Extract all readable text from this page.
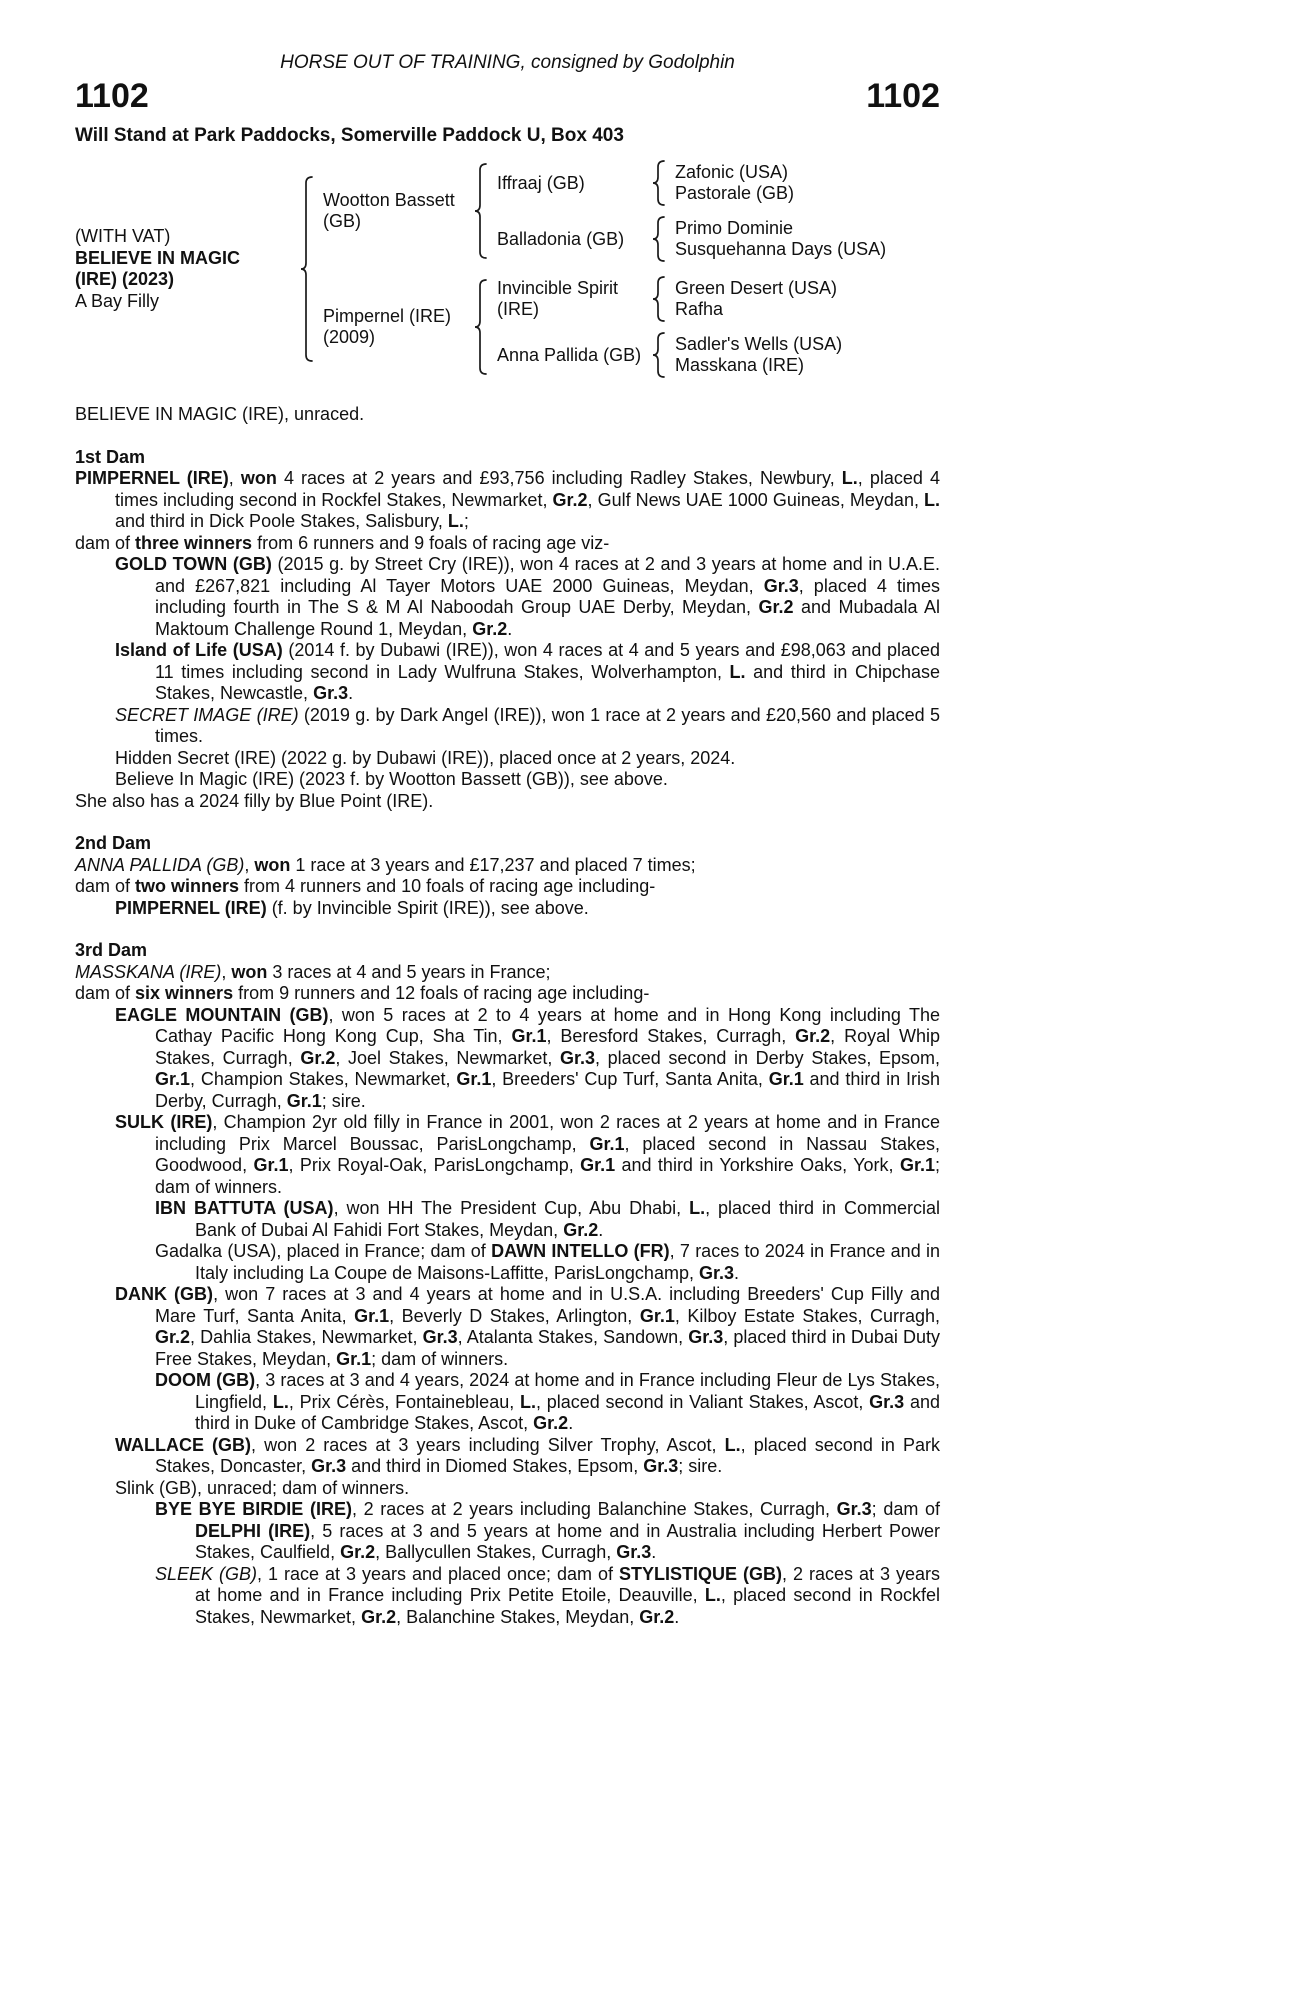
HORSE OUT OF TRAINING, consigned by Godolphin
1102	1102
Will Stand at Park Paddocks, Somerville Paddock U, Box 403
(WITH VAT)
BELIEVE IN MAGIC
(IRE) (2023)
A Bay Filly
Wootton Bassett (GB)
Iffraaj (GB)
Zafonic (USA)
Pastorale (GB)
Balladonia (GB)
Primo Dominie
Susquehanna Days (USA)
Pimpernel (IRE) (2009)
Invincible Spirit (IRE)
Green Desert (USA)
Rafha
Anna Pallida (GB)
Sadler's Wells (USA)
Masskana (IRE)

BELIEVE IN MAGIC (IRE), unraced.

1st Dam

PIMPERNEL (IRE), won 4 races at 2 years and £93,756 including Radley Stakes, Newbury, L., placed 4 times including second in Rockfel Stakes, Newmarket, Gr.2, Gulf News UAE 1000 Guineas, Meydan, L. and third in Dick Poole Stakes, Salisbury, L.;

dam of three winners from 6 runners and 9 foals of racing age viz-

GOLD TOWN (GB) (2015 g. by Street Cry (IRE)), won 4 races at 2 and 3 years at home and in U.A.E. and £267,821 including Al Tayer Motors UAE 2000 Guineas, Meydan, Gr.3, placed 4 times including fourth in The S & M Al Naboodah Group UAE Derby, Meydan, Gr.2 and Mubadala Al Maktoum Challenge Round 1, Meydan, Gr.2.

Island of Life (USA) (2014 f. by Dubawi (IRE)), won 4 races at 4 and 5 years and £98,063 and placed 11 times including second in Lady Wulfruna Stakes, Wolverhampton, L. and third in Chipchase Stakes, Newcastle, Gr.3.

SECRET IMAGE (IRE) (2019 g. by Dark Angel (IRE)), won 1 race at 2 years and £20,560 and placed 5 times.

Hidden Secret (IRE) (2022 g. by Dubawi (IRE)), placed once at 2 years, 2024.

Believe In Magic (IRE) (2023 f. by Wootton Bassett (GB)), see above.

She also has a 2024 filly by Blue Point (IRE).

2nd Dam

ANNA PALLIDA (GB), won 1 race at 3 years and £17,237 and placed 7 times;

dam of two winners from 4 runners and 10 foals of racing age including-

PIMPERNEL (IRE) (f. by Invincible Spirit (IRE)), see above.

3rd Dam

MASSKANA (IRE), won 3 races at 4 and 5 years in France;

dam of six winners from 9 runners and 12 foals of racing age including-

EAGLE MOUNTAIN (GB), won 5 races at 2 to 4 years at home and in Hong Kong including The Cathay Pacific Hong Kong Cup, Sha Tin, Gr.1, Beresford Stakes, Curragh, Gr.2, Royal Whip Stakes, Curragh, Gr.2, Joel Stakes, Newmarket, Gr.3, placed second in Derby Stakes, Epsom, Gr.1, Champion Stakes, Newmarket, Gr.1, Breeders' Cup Turf, Santa Anita, Gr.1 and third in Irish Derby, Curragh, Gr.1; sire.

SULK (IRE), Champion 2yr old filly in France in 2001, won 2 races at 2 years at home and in France including Prix Marcel Boussac, ParisLongchamp, Gr.1, placed second in Nassau Stakes, Goodwood, Gr.1, Prix Royal-Oak, ParisLongchamp, Gr.1 and third in Yorkshire Oaks, York, Gr.1; dam of winners.

IBN BATTUTA (USA), won HH The President Cup, Abu Dhabi, L., placed third in Commercial Bank of Dubai Al Fahidi Fort Stakes, Meydan, Gr.2.

Gadalka (USA), placed in France; dam of DAWN INTELLO (FR), 7 races to 2024 in France and in Italy including La Coupe de Maisons-Laffitte, ParisLongchamp, Gr.3.

DANK (GB), won 7 races at 3 and 4 years at home and in U.S.A. including Breeders' Cup Filly and Mare Turf, Santa Anita, Gr.1, Beverly D Stakes, Arlington, Gr.1, Kilboy Estate Stakes, Curragh, Gr.2, Dahlia Stakes, Newmarket, Gr.3, Atalanta Stakes, Sandown, Gr.3, placed third in Dubai Duty Free Stakes, Meydan, Gr.1; dam of winners.

DOOM (GB), 3 races at 3 and 4 years, 2024 at home and in France including Fleur de Lys Stakes, Lingfield, L., Prix Cérès, Fontainebleau, L., placed second in Valiant Stakes, Ascot, Gr.3 and third in Duke of Cambridge Stakes, Ascot, Gr.2.

WALLACE (GB), won 2 races at 3 years including Silver Trophy, Ascot, L., placed second in Park Stakes, Doncaster, Gr.3 and third in Diomed Stakes, Epsom, Gr.3; sire.

Slink (GB), unraced; dam of winners.

BYE BYE BIRDIE (IRE), 2 races at 2 years including Balanchine Stakes, Curragh, Gr.3; dam of DELPHI (IRE), 5 races at 3 and 5 years at home and in Australia including Herbert Power Stakes, Caulfield, Gr.2, Ballycullen Stakes, Curragh, Gr.3.

SLEEK (GB), 1 race at 3 years and placed once; dam of STYLISTIQUE (GB), 2 races at 3 years at home and in France including Prix Petite Etoile, Deauville, L., placed second in Rockfel Stakes, Newmarket, Gr.2, Balanchine Stakes, Meydan, Gr.2.
